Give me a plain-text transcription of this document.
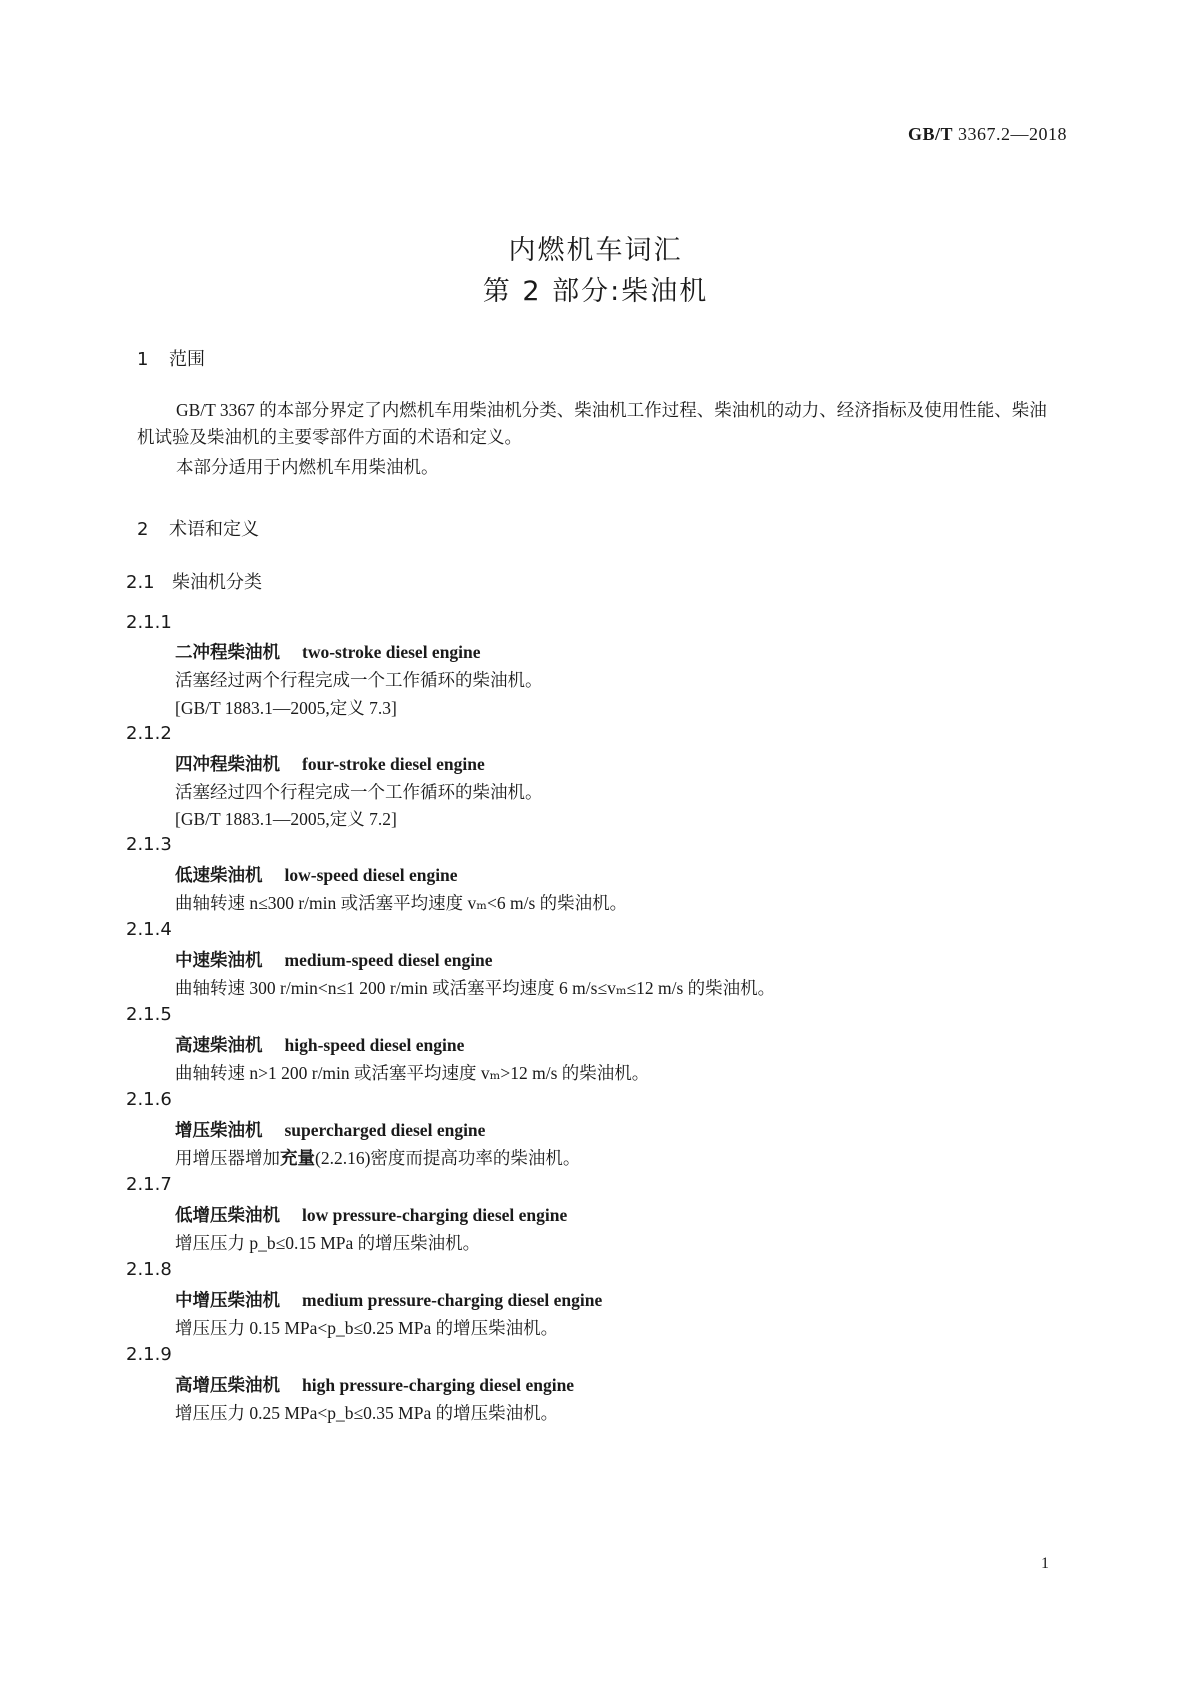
GB/T 3367.2—2018
内燃机车词汇
第 2 部分:柴油机
1 范围
GB/T 3367 的本部分界定了内燃机车用柴油机分类、柴油机工作过程、柴油机的动力、经济指标及使用性能、柴油机试验及柴油机的主要零部件方面的术语和定义。
本部分适用于内燃机车用柴油机。
2 术语和定义
2.1 柴油机分类
2.1.1
二冲程柴油机 two-stroke diesel engine
活塞经过两个行程完成一个工作循环的柴油机。
[GB/T 1883.1—2005,定义 7.3]
2.1.2
四冲程柴油机 four-stroke diesel engine
活塞经过四个行程完成一个工作循环的柴油机。
[GB/T 1883.1—2005,定义 7.2]
2.1.3
低速柴油机 low-speed diesel engine
曲轴转速 n≤300 r/min 或活塞平均速度 vₘ<6 m/s 的柴油机。
2.1.4
中速柴油机 medium-speed diesel engine
曲轴转速 300 r/min<n≤1 200 r/min 或活塞平均速度 6 m/s≤vₘ≤12 m/s 的柴油机。
2.1.5
高速柴油机 high-speed diesel engine
曲轴转速 n>1 200 r/min 或活塞平均速度 vₘ>12 m/s 的柴油机。
2.1.6
增压柴油机 supercharged diesel engine
用增压器增加充量(2.2.16)密度而提高功率的柴油机。
2.1.7
低增压柴油机 low pressure-charging diesel engine
增压压力 p_b≤0.15 MPa 的增压柴油机。
2.1.8
中增压柴油机 medium pressure-charging diesel engine
增压压力 0.15 MPa<p_b≤0.25 MPa 的增压柴油机。
2.1.9
高增压柴油机 high pressure-charging diesel engine
增压压力 0.25 MPa<p_b≤0.35 MPa 的增压柴油机。
1
